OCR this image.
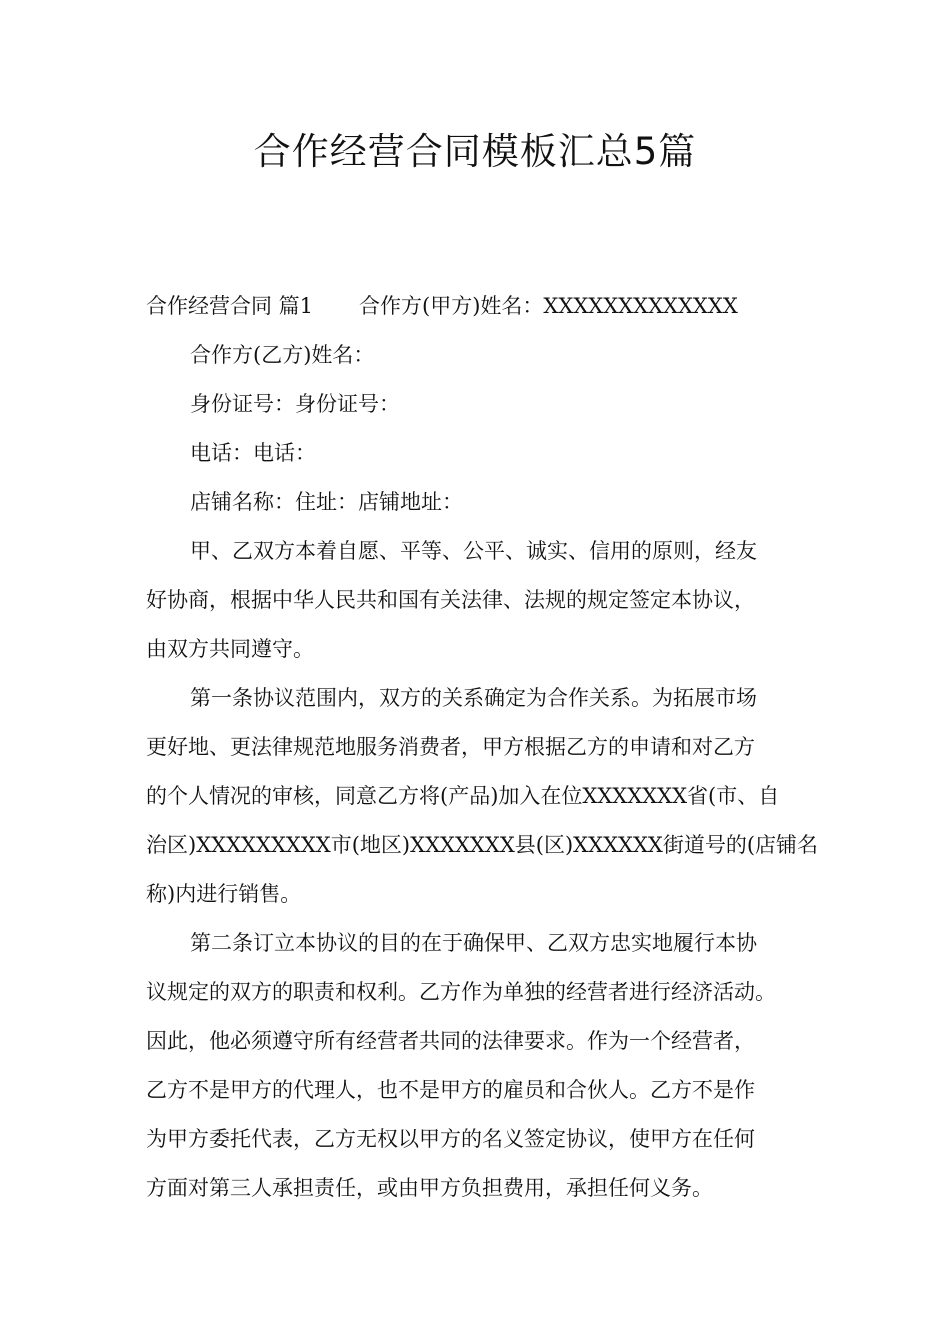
合作经营合同模板汇总5篇

合作经营合同 篇1 合作方(甲方)姓名：XXXXXXXXXXXXX

合作方(乙方)姓名：

身份证号：身份证号：

电话：电话：

店铺名称：住址：店铺地址：

甲、乙双方本着自愿、平等、公平、诚实、信用的原则，经友

好协商，根据中华人民共和国有关法律、法规的规定签定本协议，

由双方共同遵守。

第一条协议范围内，双方的关系确定为合作关系。为拓展市场

更好地、更法律规范地服务消费者，甲方根据乙方的申请和对乙方

的个人情况的审核，同意乙方将(产品)加入在位XXXXXXX省(市、自

治区)XXXXXXXXX市(地区)XXXXXXX县(区)XXXXXX街道号的(店铺名

称)内进行销售。

第二条订立本协议的目的在于确保甲、乙双方忠实地履行本协

议规定的双方的职责和权利。乙方作为单独的经营者进行经济活动。

因此，他必须遵守所有经营者共同的法律要求。作为一个经营者，

乙方不是甲方的代理人，也不是甲方的雇员和合伙人。乙方不是作

为甲方委托代表，乙方无权以甲方的名义签定协议，使甲方在任何

方面对第三人承担责任，或由甲方负担费用，承担任何义务。
